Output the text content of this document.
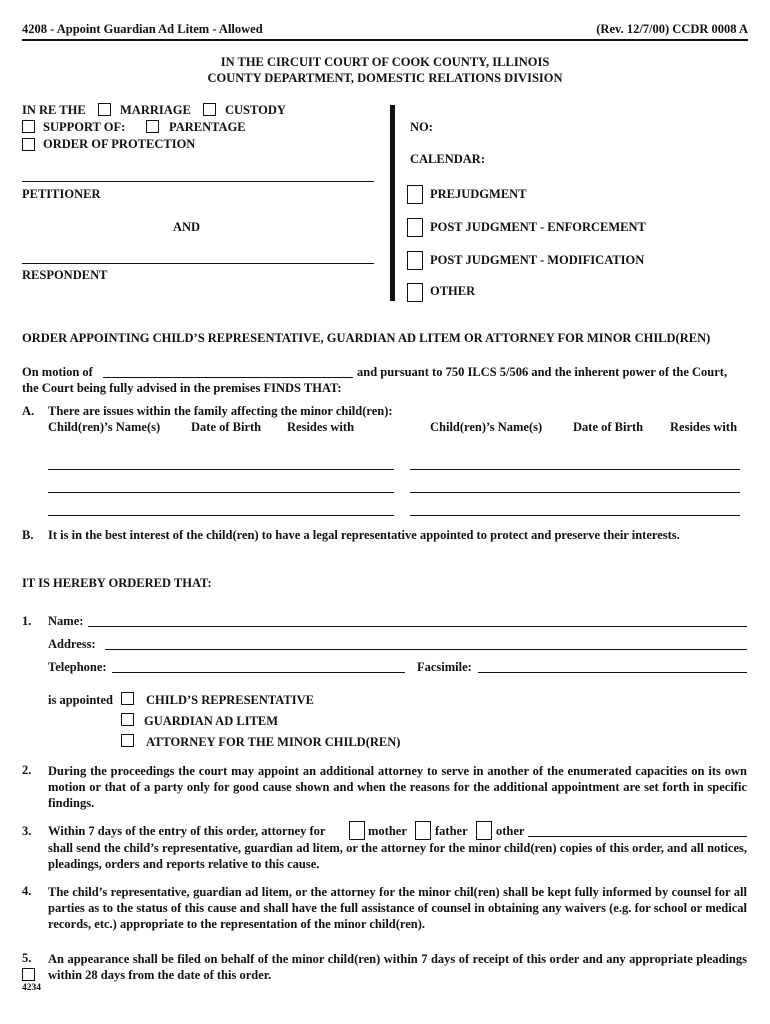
4208 - Appoint Guardian Ad Litem - Allowed	(Rev. 12/7/00) CCDR 0008 A
IN THE CIRCUIT COURT OF COOK COUNTY, ILLINOIS
COUNTY DEPARTMENT, DOMESTIC RELATIONS DIVISION
IN RE THE	MARRIAGE	CUSTODY
SUPPORT OF:	PARENTAGE
ORDER OF PROTECTION
PETITIONER
AND
RESPONDENT
NO:
CALENDAR:
PREJUDGMENT
POST JUDGMENT - ENFORCEMENT
POST JUDGMENT - MODIFICATION
OTHER
ORDER APPOINTING CHILD’S REPRESENTATIVE, GUARDIAN AD LITEM OR ATTORNEY FOR MINOR CHILD(REN)
On motion of	and pursuant to 750 ILCS 5/506 and the inherent power of the Court,
the Court being fully advised in the premises FINDS THAT:
A. There are issues within the family affecting the minor child(ren):
Child(ren)’s Name(s) Date of Birth Resides with	Child(ren)’s Name(s) Date of Birth Resides with
B. It is in the best interest of the child(ren) to have a legal representative appointed to protect and preserve their interests.
IT IS HEREBY ORDERED THAT:
1. Name:
Address:
Telephone:	Facsimile:
is appointed	CHILD’S REPRESENTATIVE
GUARDIAN AD LITEM
ATTORNEY FOR THE MINOR CHILD(REN)
2. During the proceedings the court may appoint an additional attorney to serve in another of the enumerated capacities on its own motion or that of a party only for good cause shown and when the reasons for the additional appointment are set forth in specific findings.
3. Within 7 days of the entry of this order, attorney for	mother father other
shall send the child’s representative, guardian ad litem, or the attorney for the minor child(ren) copies of this order, and all notices, pleadings, orders and reports relative to this cause.
4. The child’s representative, guardian ad litem, or the attorney for the minor chil(ren) shall be kept fully informed by counsel for all parties as to the status of this cause and shall have the full assistance of counsel in obtaining any waivers (e.g. for school or medical records, etc.) appropriate to the representation of the minor child(ren).
5. An appearance shall be filed on behalf of the minor child(ren) within 7 days of receipt of this order and any appropriate pleadings within 28 days from the date of this order.
4234
